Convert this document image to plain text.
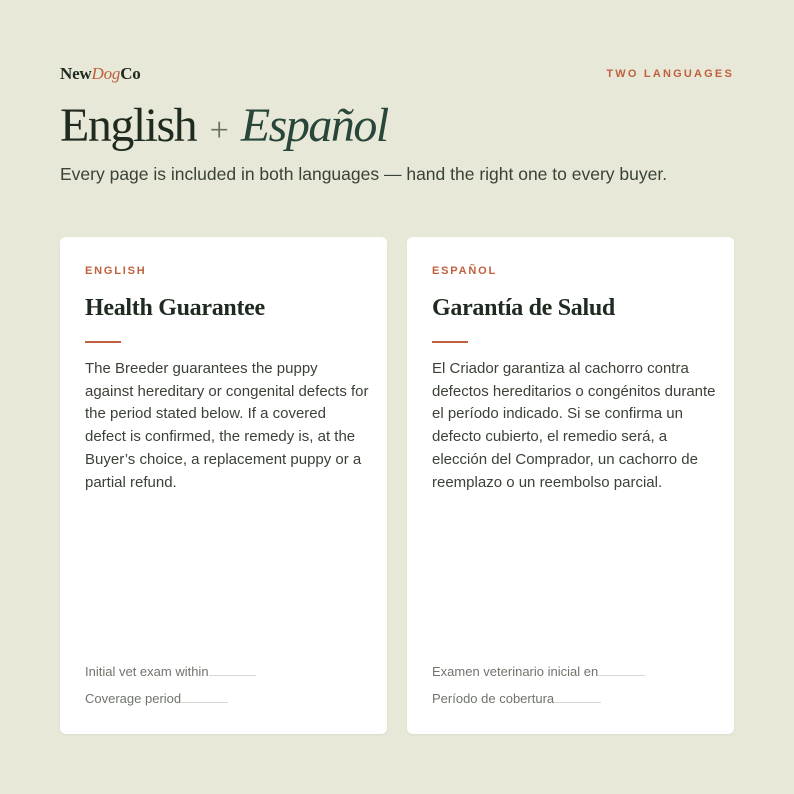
NewDogCo	TWO LANGUAGES
English + Español

Every page is included in both languages — hand the right one to every buyer.

ENGLISH
Health Guarantee

The Breeder guarantees the puppy against hereditary or congenital defects for the period stated below. If a covered defect is confirmed, the remedy is, at the Buyer’s choice, a replacement puppy or a partial refund.

Initial vet exam within
Coverage period
ESPAÑOL
Garantía de Salud

El Criador garantiza al cachorro contra defectos hereditarios o congénitos durante el período indicado. Si se confirma un defecto cubierto, el remedio será, a elección del Comprador, un cachorro de reemplazo o un reembolso parcial.

Examen veterinario inicial en
Período de cobertura
